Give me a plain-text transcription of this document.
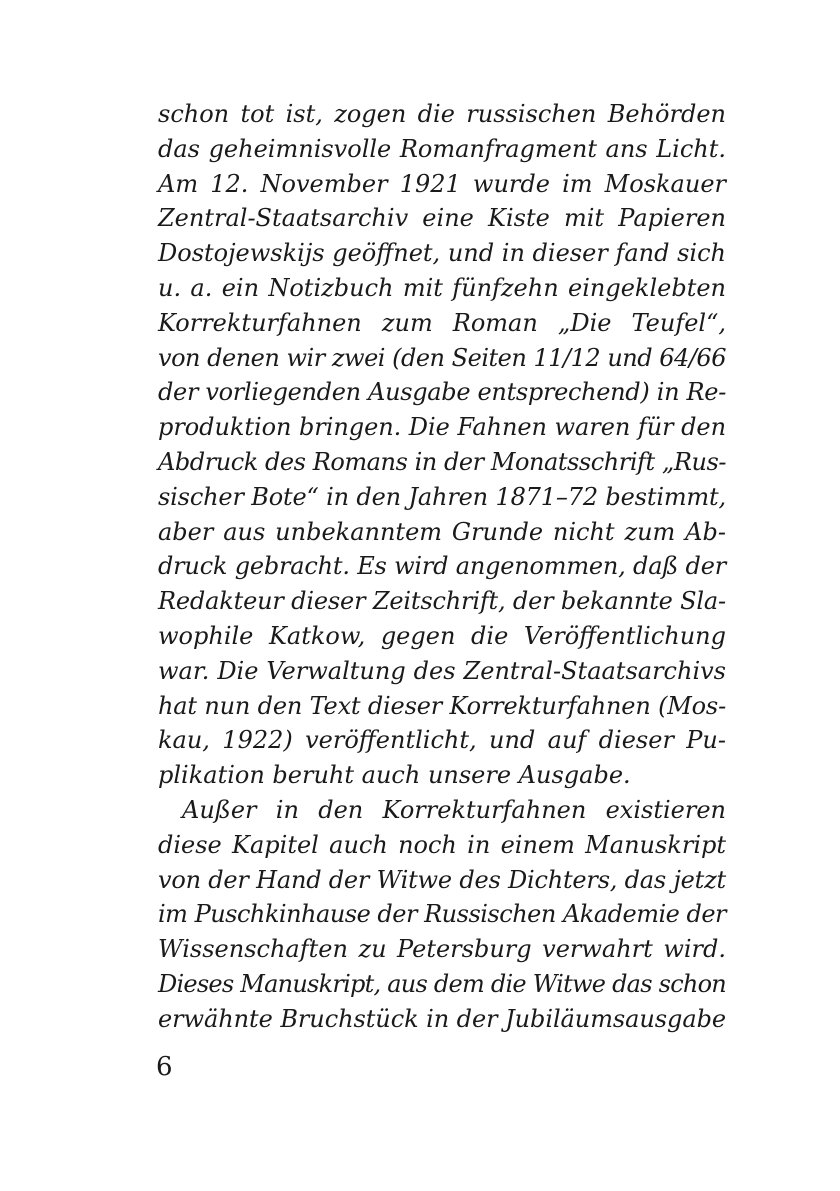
schon tot ist, zogen die russischen Behörden
das geheimnisvolle Romanfragment ans Licht.
Am 12. November 1921 wurde im Moskauer
Zentral-Staatsarchiv eine Kiste mit Papieren
Dostojewskijs geöffnet, und in dieser fand sich
u. a. ein Notizbuch mit fünfzehn eingeklebten
Korrekturfahnen zum Roman „Die Teufel“,
von denen wir zwei (den Seiten 11/12 und 64/66
der vorliegenden Ausgabe entsprechend) in Re-
produktion bringen. Die Fahnen waren für den
Abdruck des Romans in der Monatsschrift „Rus-
sischer Bote“ in den Jahren 1871–72 bestimmt,
aber aus unbekanntem Grunde nicht zum Ab-
druck gebracht. Es wird angenommen, daß der
Redakteur dieser Zeitschrift, der bekannte Sla-
wophile Katkow, gegen die Veröffentlichung
war. Die Verwaltung des Zentral-Staatsarchivs
hat nun den Text dieser Korrekturfahnen (Mos-
kau, 1922) veröffentlicht, und auf dieser Pu-
plikation beruht auch unsere Ausgabe.
Außer in den Korrekturfahnen existieren
diese Kapitel auch noch in einem Manuskript
von der Hand der Witwe des Dichters, das jetzt
im Puschkinhause der Russischen Akademie der
Wissenschaften zu Petersburg verwahrt wird.
Dieses Manuskript, aus dem die Witwe das schon
erwähnte Bruchstück in der Jubiläumsausgabe
6
